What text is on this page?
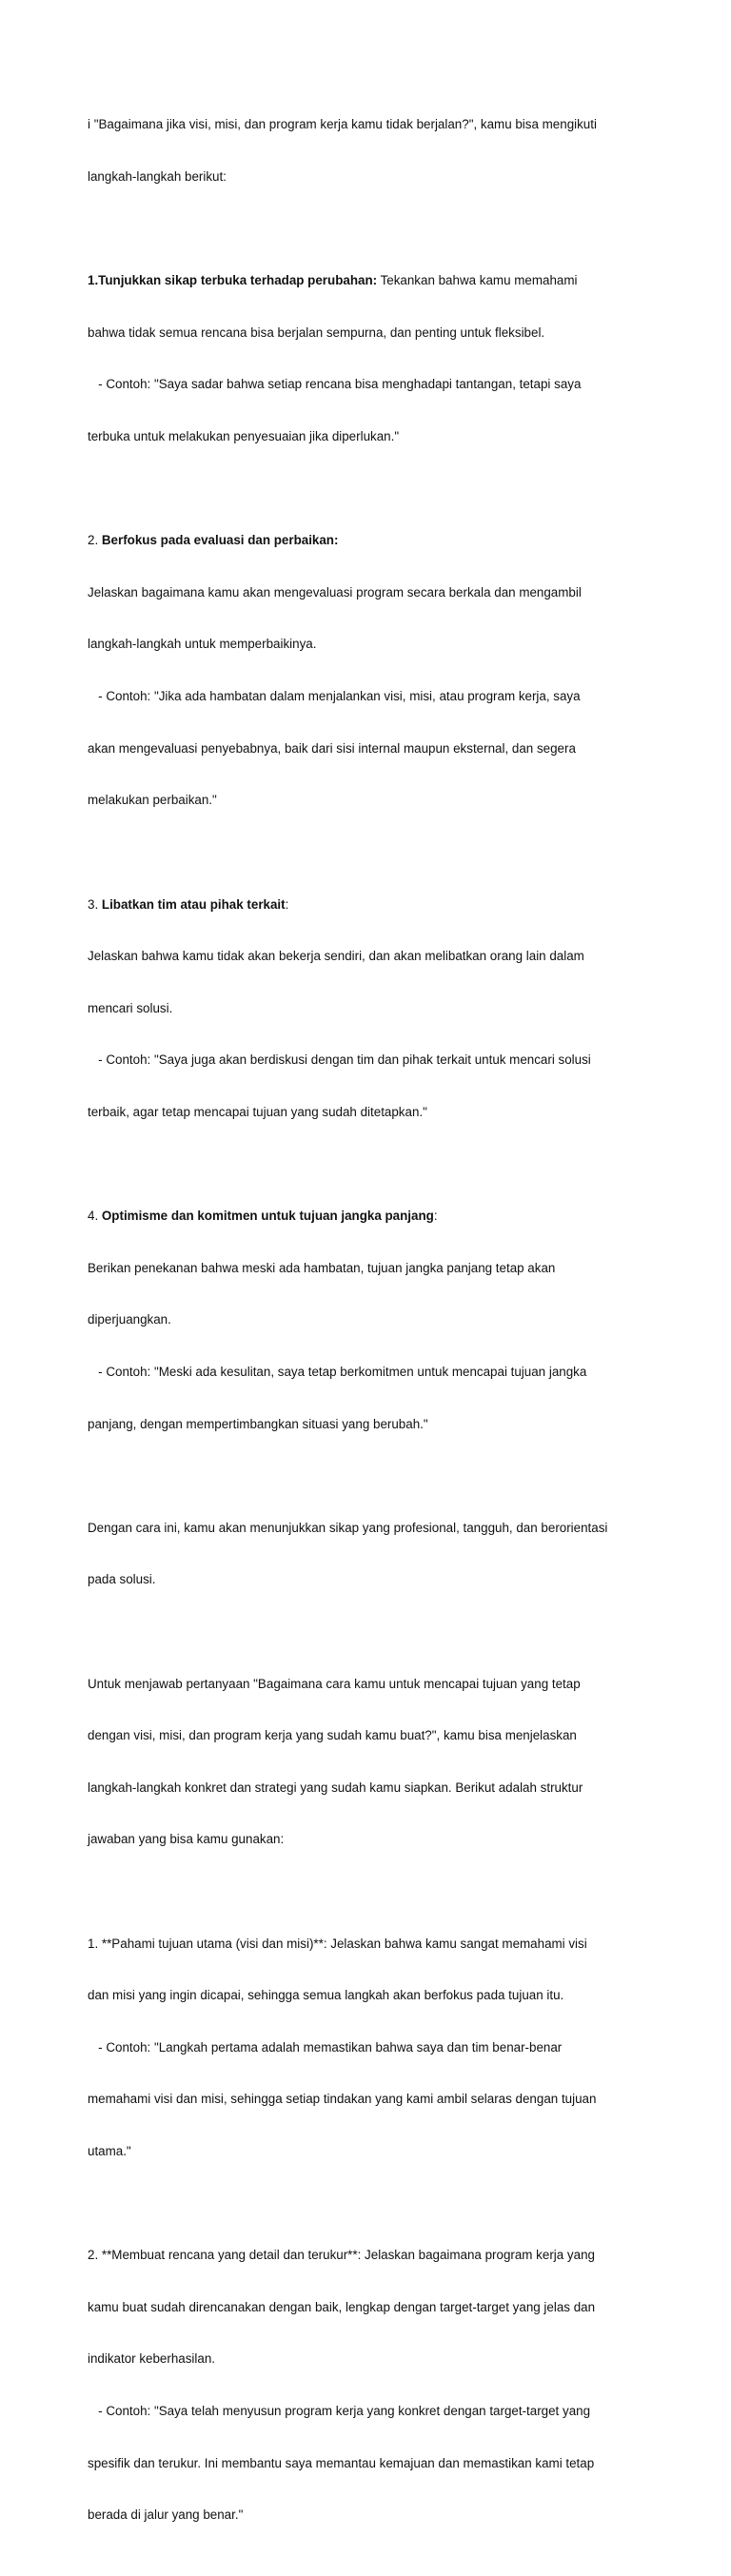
i "Bagaimana jika visi, misi, dan program kerja kamu tidak berjalan?", kamu bisa mengikuti

langkah-langkah berikut:

1.Tunjukkan sikap terbuka terhadap perubahan: Tekankan bahwa kamu memahami

bahwa tidak semua rencana bisa berjalan sempurna, dan penting untuk fleksibel.

- Contoh: "Saya sadar bahwa setiap rencana bisa menghadapi tantangan, tetapi saya

terbuka untuk melakukan penyesuaian jika diperlukan."

2. Berfokus pada evaluasi dan perbaikan:

Jelaskan bagaimana kamu akan mengevaluasi program secara berkala dan mengambil

langkah-langkah untuk memperbaikinya.

- Contoh: "Jika ada hambatan dalam menjalankan visi, misi, atau program kerja, saya

akan mengevaluasi penyebabnya, baik dari sisi internal maupun eksternal, dan segera

melakukan perbaikan."

3. Libatkan tim atau pihak terkait:

Jelaskan bahwa kamu tidak akan bekerja sendiri, dan akan melibatkan orang lain dalam

mencari solusi.

- Contoh: "Saya juga akan berdiskusi dengan tim dan pihak terkait untuk mencari solusi

terbaik, agar tetap mencapai tujuan yang sudah ditetapkan."

4. Optimisme dan komitmen untuk tujuan jangka panjang:

Berikan penekanan bahwa meski ada hambatan, tujuan jangka panjang tetap akan

diperjuangkan.

- Contoh: "Meski ada kesulitan, saya tetap berkomitmen untuk mencapai tujuan jangka

panjang, dengan mempertimbangkan situasi yang berubah."

Dengan cara ini, kamu akan menunjukkan sikap yang profesional, tangguh, dan berorientasi

pada solusi.

Untuk menjawab pertanyaan "Bagaimana cara kamu untuk mencapai tujuan yang tetap

dengan visi, misi, dan program kerja yang sudah kamu buat?", kamu bisa menjelaskan

langkah-langkah konkret dan strategi yang sudah kamu siapkan. Berikut adalah struktur

jawaban yang bisa kamu gunakan:

1. **Pahami tujuan utama (visi dan misi)**: Jelaskan bahwa kamu sangat memahami visi

dan misi yang ingin dicapai, sehingga semua langkah akan berfokus pada tujuan itu.

- Contoh: "Langkah pertama adalah memastikan bahwa saya dan tim benar-benar

memahami visi dan misi, sehingga setiap tindakan yang kami ambil selaras dengan tujuan

utama."

2. **Membuat rencana yang detail dan terukur**: Jelaskan bagaimana program kerja yang

kamu buat sudah direncanakan dengan baik, lengkap dengan target-target yang jelas dan

indikator keberhasilan.

- Contoh: "Saya telah menyusun program kerja yang konkret dengan target-target yang

spesifik dan terukur. Ini membantu saya memantau kemajuan dan memastikan kami tetap

berada di jalur yang benar."
